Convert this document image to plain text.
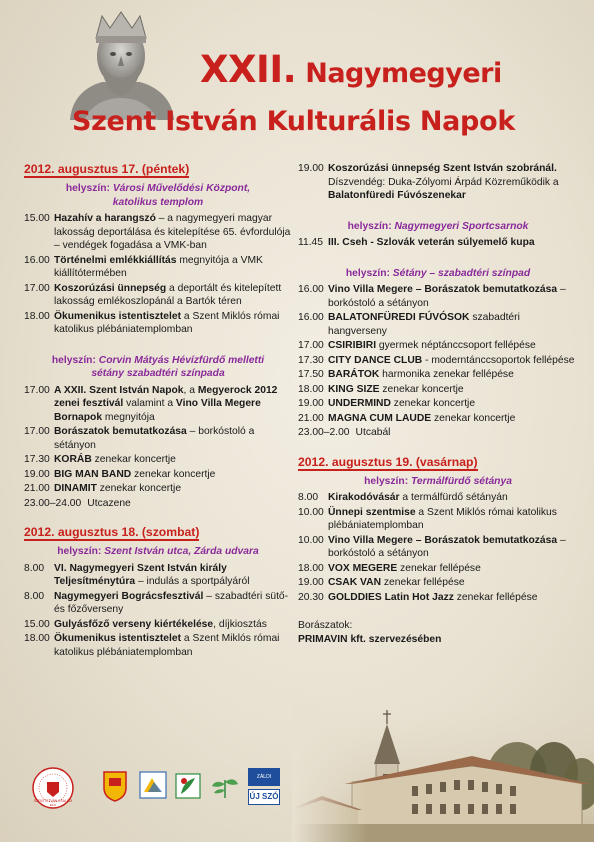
XXII. Nagymegyeri
Szent István Kulturális Napok
2012. augusztus 17. (péntek)
helyszín: Városi Művelődési Központ,
katolikus templom
15.00 Hazahív a harangszó – a nagymegyeri magyar lakosság deportálása és kitelepítése 65. évfordulója – vendégek fogadása a VMK-ban
16.00 Történelmi emlékkiállítás megnyitója a VMK kiállítótermében
17.00 Koszorúzási ünnepség a deportált és kitelepített lakosság emlékoszlopánál a Bartók téren
18.00 Ökumenikus istentisztelet a Szent Miklós római katolikus plébániatemplomban
helyszín: Corvin Mátyás Hévízfürdő melletti
sétány szabadtéri színpada
17.00 A XXII. Szent István Napok, a Megyerock 2012 zenei fesztivál valamint a Vino Villa Megere Bornapok megnyitója
17.00 Borászatok bemutatkozása – borkóstoló a sétányon
17.30 KORÁB zenekar koncertje
19.00 BIG MAN BAND zenekar koncertje
21.00 DINAMIT zenekar koncertje
23.00–24.00 Utcazene
2012. augusztus 18. (szombat)
helyszín: Szent István utca, Zárda udvara
8.00 VI. Nagymegyeri Szent István király Teljesítménytúra – indulás a sportpályáról
8.00 Nagymegyeri Bográcsfesztivál – szabadtéri sütő- és főzőverseny
15.00 Gulyásfőző verseny kiértékelése, díjkiosztás
18.00 Ökumenikus istentisztelet a Szent Miklós római katolikus plébániatemplomban
19.00 Koszorúzási ünnepség Szent István szobránál. Díszvendég: Duka-Zólyomi Árpád Közreműködik a Balatonfüredi Fúvószenekar
helyszín: Nagymegyeri Sportcsarnok
11.45 III. Cseh - Szlovák veterán súlyemelő kupa
helyszín: Sétány – szabadtéri színpad
16.00 Vino Villa Megere – Borászatok bemutatkozása – borkóstoló a sétányon
16.00 BALATONFÜREDI FÚVÓSOK szabadtéri hangverseny
17.00 CSIRIBIRI gyermek néptánccsoport fellépése
17.30 CITY DANCE CLUB - moderntánccsoportok fellépése
17.50 BARÁTOK harmonika zenekar fellépése
18.00 KING SIZE zenekar koncertje
19.00 UNDERMIND zenekar koncertje
21.00 MAGNA CUM LAUDE zenekar koncertje
23.00–2.00 Utcabál
2012. augusztus 19. (vasárnap)
helyszín: Termálfürdő sétánya
8.00 Kirakodóvásár a termálfürdő sétányán
10.00 Ünnepi szentmise a Szent Miklós római katolikus plébániatemplomban
10.00 Vino Villa Megere – Borászatok bemutatkozása – borkóstoló a sétányon
18.00 VOX MEGERE zenekar fellépése
19.00 CSAK VAN zenekar fellépése
20.30 GOLDDIES Latin Hot Jazz zenekar fellépése
Borászatok:
PRIMAVIN kft. szervezésében
SZENT ISTVÁN CSALÁDI
ÉLŐ
ZÁLDI
ÚJ SZÓ
